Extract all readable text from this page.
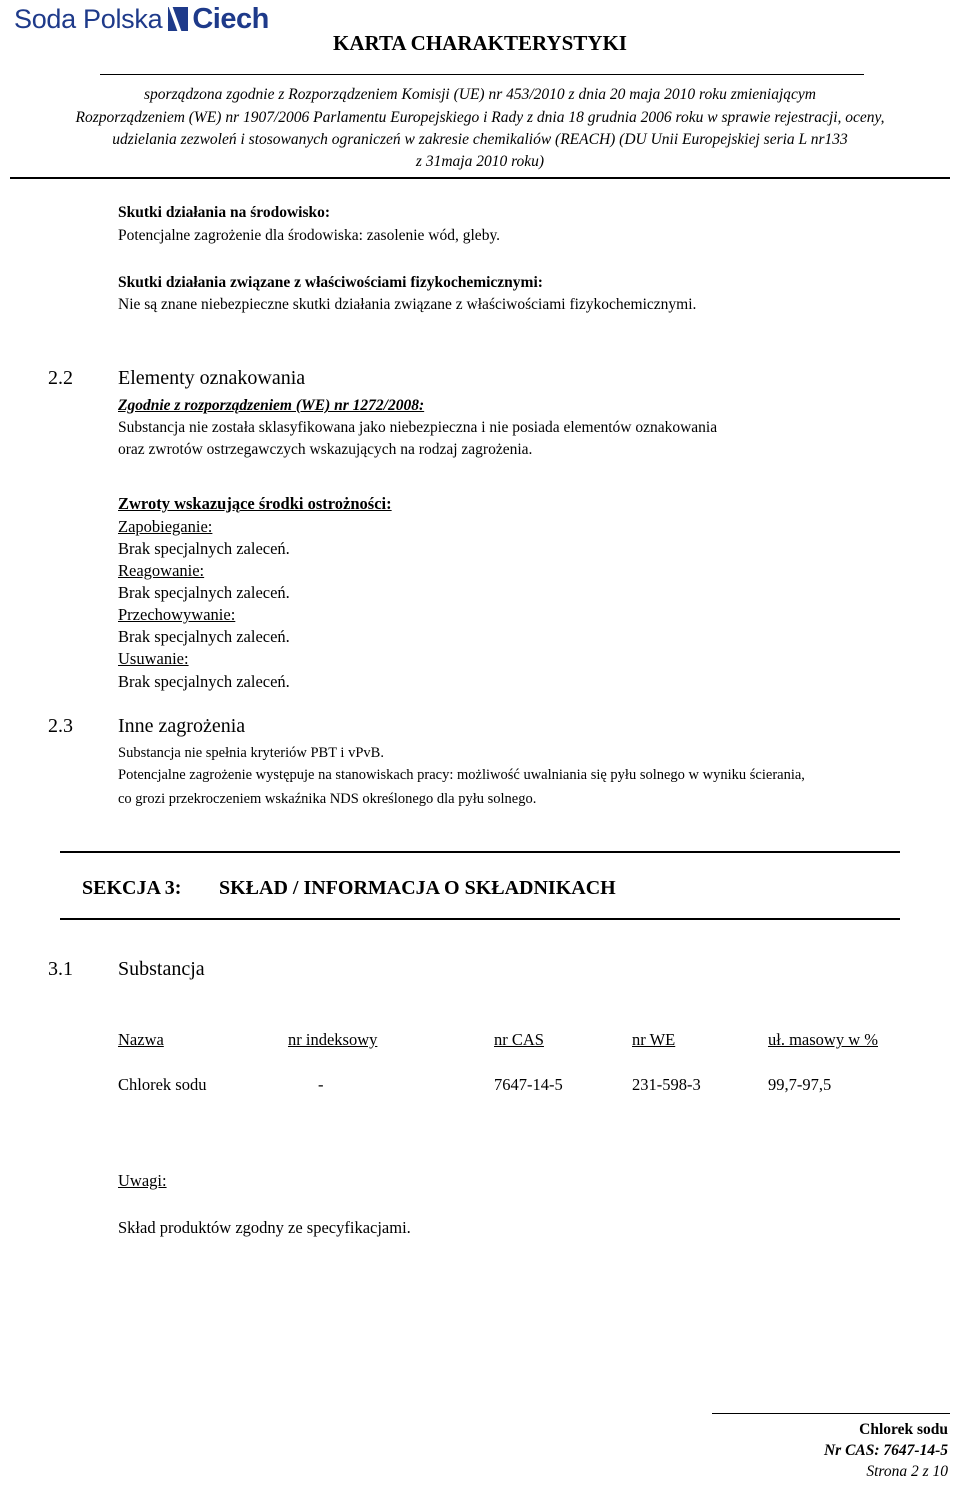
Soda Polska Ciech
KARTA CHARAKTERYSTYKI
sporządzona zgodnie z Rozporządzeniem Komisji (UE) nr 453/2010 z dnia 20 maja 2010 roku zmieniającym
Rozporządzeniem (WE) nr 1907/2006 Parlamentu Europejskiego i Rady z dnia 18 grudnia 2006 roku w sprawie rejestracji, oceny,
udzielania zezwoleń i stosowanych ograniczeń w zakresie chemikaliów (REACH) (DU Unii Europejskiej seria L nr133
z 31maja 2010 roku)
Skutki działania na środowisko:
Potencjalne zagrożenie dla środowiska: zasolenie wód, gleby.
Skutki działania związane z właściwościami fizykochemicznymi:
Nie są znane niebezpieczne skutki działania związane z właściwościami fizykochemicznymi.
2.2 Elementy oznakowania
Zgodnie z rozporządzeniem (WE) nr 1272/2008:
Substancja nie została sklasyfikowana jako niebezpieczna i nie posiada elementów oznakowania
oraz zwrotów ostrzegawczych wskazujących na rodzaj zagrożenia.
Zwroty wskazujące środki ostrożności:
Zapobieganie:
Brak specjalnych zaleceń.
Reagowanie:
Brak specjalnych zaleceń.
Przechowywanie:
Brak specjalnych zaleceń.
Usuwanie:
Brak specjalnych zaleceń.
2.3 Inne zagrożenia
Substancja nie spełnia kryteriów PBT i vPvB.
Potencjalne zagrożenie występuje na stanowiskach pracy: możliwość uwalniania się pyłu solnego w wyniku ścierania,
co grozi przekroczeniem wskaźnika NDS określonego dla pyłu solnego.
SEKCJA 3: SKŁAD / INFORMACJA O SKŁADNIKACH
3.1 Substancja
Nazwa	nr indeksowy	nr CAS	nr WE	uł. masowy w %
Chlorek sodu	-	7647-14-5	231-598-3	99,7-97,5
Uwagi:
Skład produktów zgodny ze specyfikacjami.
Chlorek sodu
Nr CAS: 7647-14-5
Strona 2 z 10
